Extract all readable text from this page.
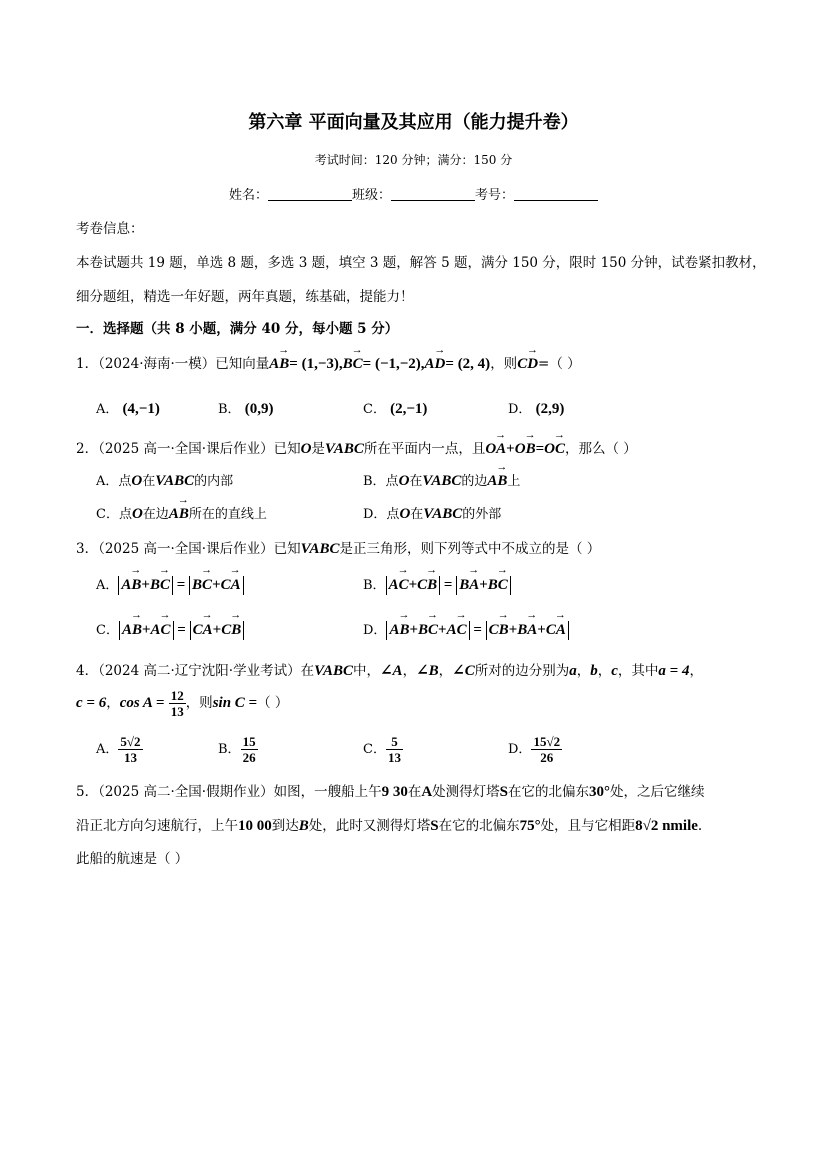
第六章 平面向量及其应用（能力提升卷）
考试时间：120 分钟；满分：150 分
姓名：	班级：	考号：
考卷信息：
本卷试题共 19 题，单选 8 题，多选 3 题，填空 3 题，解答 5 题，满分 150 分，限时 150 分钟，试卷紧扣教材，
细分题组，精选一年好题，两年真题，练基础，提能力！
一．选择题（共 8 小题，满分 40 分，每小题 5 分）
1．（2024·海南·一模）已知向量AB
→
= (1,−3),BC
→
= (−1,−2),AD
→
= (2, 4)，则CD
→
=（ ）
A． (4,−1)	B． (0,9)	C． (2,−1)	D． (2,9)
2．（2025 高一·全国·课后作业）已知O是VABC所在平面内一点，且OA
→
+OB
→
=OC
→
，那么（ ）
A．点O在VABC的内部	B．点O在VABC的边AB
→
上
C．点O在边AB
→
所在的直线上	D．点O在VABC的外部
3．（2025 高一·全国·课后作业）已知VABC是正三角形，则下列等式中不成立的是（ ）
A． AB
→
+BC
→
= BC
→
+CA
→
B． AC
→
+CB
→
= BA
→
+BC
→
C． AB
→
+AC
→
= CA
→
+CB
→
D． AB
→
+BC
→
+AC
→
= CB
→
+BA
→
+CA
→
4．（2024 高二·辽宁沈阳·学业考试）在VABC中，∠A，∠B，∠C所对的边分别为a，b，c，其中a = 4，
c = 6，$\cos A = \frac{12}{13}$ ，则sin C =（ ）
A． $\frac{5√2}{13}$	B． $\frac{15}{26}$	C． $\frac{5}{13}$	D． $\frac{15√2}{26}$
5．（2025 高二·全国·假期作业）如图，一艘船上午9 30在A处测得灯塔S在它的北偏东30°处，之后它继续
沿正北方向匀速航行，上午10 00到达B处，此时又测得灯塔S在它的北偏东75°处，且与它相距8√2 nmile.
此船的航速是（ ）
